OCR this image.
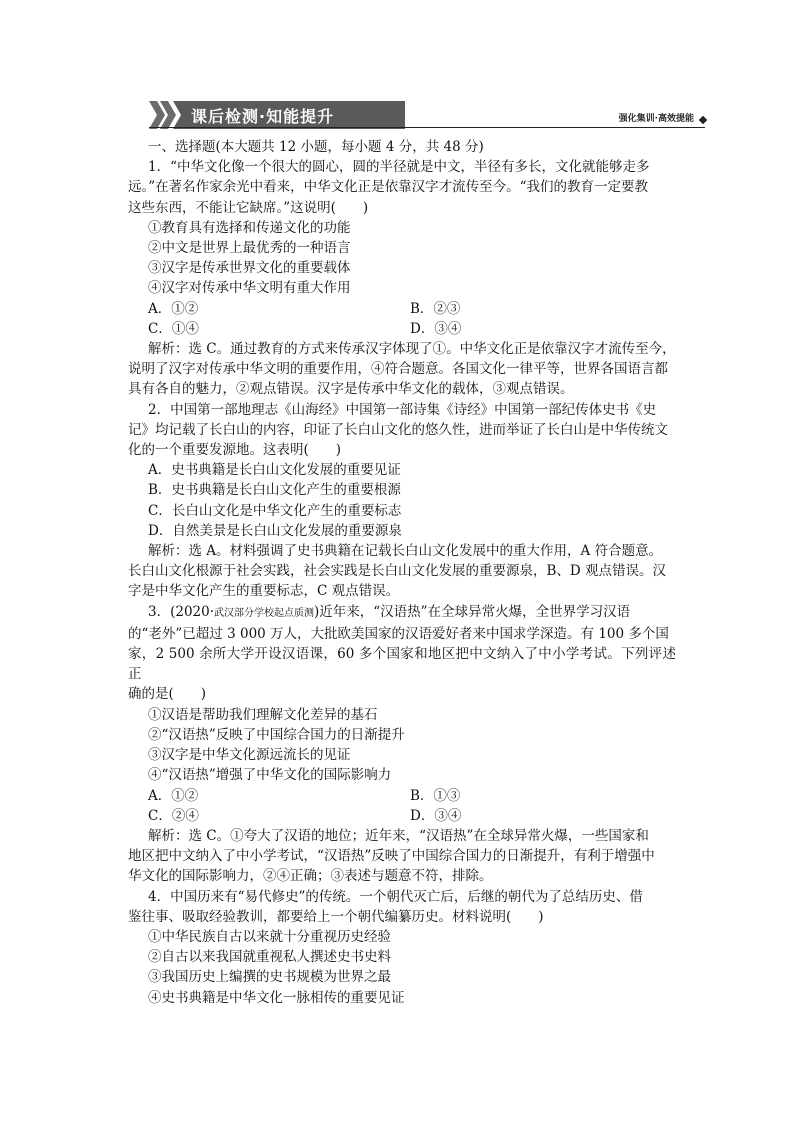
课后检测·知能提升	强化集训·高效提能

一、选择题(本大题共 12 小题，每小题 4 分，共 48 分)

1．“中华文化像一个很大的圆心，圆的半径就是中文，半径有多长，文化就能够走多

远。”在著名作家余光中看来，中华文化正是依靠汉字才流传至今。“我们的教育一定要教

这些东西，不能让它缺席。”这说明(　　)

①教育具有选择和传递文化的功能

②中文是世界上最优秀的一种语言

③汉字是传承世界文化的重要载体

④汉字对传承中华文明有重大作用

A．①②	B．②③
C．①④	D．③④

解析：选 C。通过教育的方式来传承汉字体现了①。中华文化正是依靠汉字才流传至今，

说明了汉字对传承中华文明的重要作用，④符合题意。各国文化一律平等，世界各国语言都

具有各自的魅力，②观点错误。汉字是传承中华文化的载体，③观点错误。

2．中国第一部地理志《山海经》中国第一部诗集《诗经》中国第一部纪传体史书《史

记》均记载了长白山的内容，印证了长白山文化的悠久性，进而举证了长白山是中华传统文

化的一个重要发源地。这表明(　　)

A．史书典籍是长白山文化发展的重要见证

B．史书典籍是长白山文化产生的重要根源

C．长白山文化是中华文化产生的重要标志

D．自然美景是长白山文化发展的重要源泉

解析：选 A。材料强调了史书典籍在记载长白山文化发展中的重大作用，A 符合题意。

长白山文化根源于社会实践，社会实践是长白山文化发展的重要源泉，B、D 观点错误。汉

字是中华文化产生的重要标志，C 观点错误。

3．(2020·武汉部分学校起点质测)近年来，“汉语热”在全球异常火爆，全世界学习汉语

的“老外”已超过 3 000 万人，大批欧美国家的汉语爱好者来中国求学深造。有 100 多个国

家，2 500 余所大学开设汉语课，60 多个国家和地区把中文纳入了中小学考试。下列评述正

确的是(　　)

①汉语是帮助我们理解文化差异的基石

②“汉语热”反映了中国综合国力的日渐提升

③汉字是中华文化源远流长的见证

④“汉语热”增强了中华文化的国际影响力

A．①②	B．①③
C．②④	D．③④

解析：选 C。①夸大了汉语的地位；近年来，“汉语热”在全球异常火爆，一些国家和

地区把中文纳入了中小学考试，“汉语热”反映了中国综合国力的日渐提升，有利于增强中

华文化的国际影响力，②④正确；③表述与题意不符，排除。

4．中国历来有“易代修史”的传统。一个朝代灭亡后，后继的朝代为了总结历史、借

鉴往事、吸取经验教训，都要给上一个朝代编纂历史。材料说明(　　)

①中华民族自古以来就十分重视历史经验

②自古以来我国就重视私人撰述史书史料

③我国历史上编撰的史书规模为世界之最

④史书典籍是中华文化一脉相传的重要见证
